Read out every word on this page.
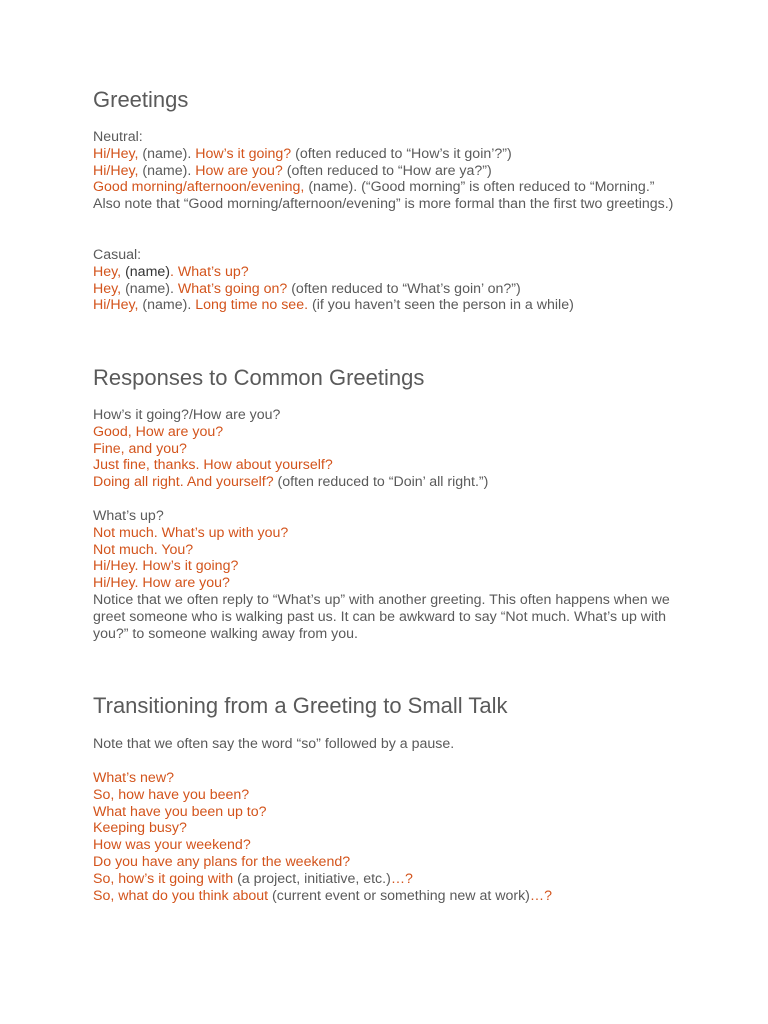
Greetings
Neutral:
Hi/Hey, (name). How’s it going? (often reduced to “How’s it goin’?”)
Hi/Hey, (name). How are you? (often reduced to “How are ya?”)
Good morning/afternoon/evening, (name). (“Good morning” is often reduced to “Morning.” Also note that “Good morning/afternoon/evening” is more formal than the first two greetings.)
Casual:
Hey, (name). What’s up?
Hey, (name). What’s going on? (often reduced to “What’s goin’ on?”)
Hi/Hey, (name). Long time no see. (if you haven’t seen the person in a while)
Responses to Common Greetings
How’s it going?/How are you?
Good, How are you?
Fine, and you?
Just fine, thanks. How about yourself?
Doing all right. And yourself? (often reduced to “Doin’ all right.”)
What’s up?
Not much. What’s up with you?
Not much. You?
Hi/Hey. How’s it going?
Hi/Hey. How are you?
Notice that we often reply to “What’s up” with another greeting. This often happens when we greet someone who is walking past us. It can be awkward to say “Not much. What’s up with you?” to someone walking away from you.
Transitioning from a Greeting to Small Talk
Note that we often say the word “so” followed by a pause.
What’s new?
So, how have you been?
What have you been up to?
Keeping busy?
How was your weekend?
Do you have any plans for the weekend?
So, how’s it going with (a project, initiative, etc.)…?
So, what do you think about (current event or something new at work)…?
